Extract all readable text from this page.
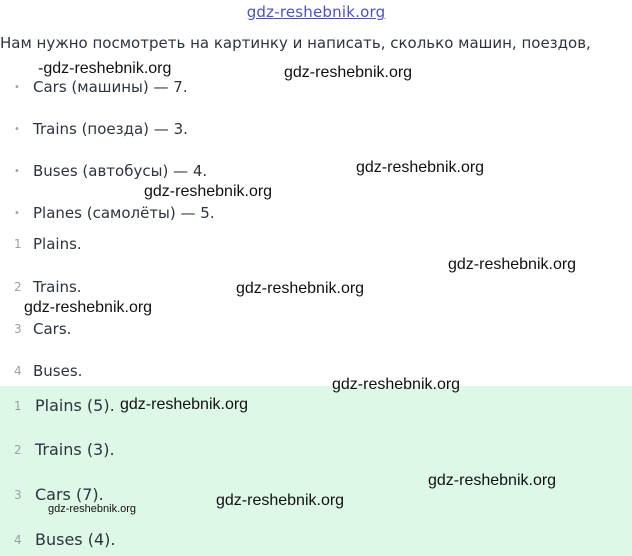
gdz-reshebnik.org
Нам нужно посмотреть на картинку и написать, сколько машин, поездов,
• Cars (машины) — 7.
• Trains (поезда) — 3.
• Buses (автобусы) — 4.
• Planes (самолёты) — 5.
1 Plains.
2 Trains.
3 Cars.
4 Buses.
1 Plains (5).
2 Trains (3).
3 Cars (7).
4 Buses (4).
-gdz-reshebnik.org	gdz-reshebnik.org
gdz-reshebnik.org
gdz-reshebnik.org
gdz-reshebnik.org
gdz-reshebnik.org
gdz-reshebnik.org
gdz-reshebnik.org
gdz-reshebnik.org
gdz-reshebnik.org
gdz-reshebnik.org
gdz-reshebnik.org
